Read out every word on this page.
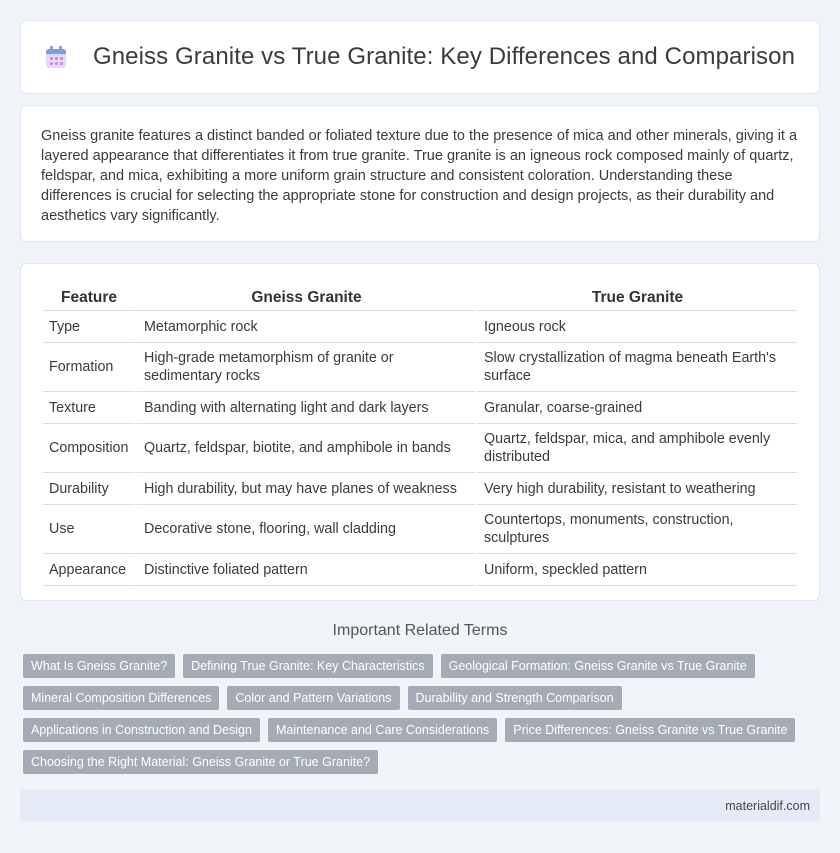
Gneiss Granite vs True Granite: Key Differences and Comparison

Gneiss granite features a distinct banded or foliated texture due to the presence of mica and other minerals, giving it a layered appearance that differentiates it from true granite. True granite is an igneous rock composed mainly of quartz, feldspar, and mica, exhibiting a more uniform grain structure and consistent coloration. Understanding these differences is crucial for selecting the appropriate stone for construction and design projects, as their durability and aesthetics vary significantly.

Feature	Gneiss Granite	True Granite
Type	Metamorphic rock	Igneous rock
Formation	High-grade metamorphism of granite or sedimentary rocks	Slow crystallization of magma beneath Earth's surface
Texture	Banding with alternating light and dark layers	Granular, coarse-grained
Composition	Quartz, feldspar, biotite, and amphibole in bands	Quartz, feldspar, mica, and amphibole evenly distributed
Durability	High durability, but may have planes of weakness	Very high durability, resistant to weathering
Use	Decorative stone, flooring, wall cladding	Countertops, monuments, construction, sculptures
Appearance	Distinctive foliated pattern	Uniform, speckled pattern
Important Related Terms
What Is Gneiss Granite?	Defining True Granite: Key Characteristics	Geological Formation: Gneiss Granite vs True Granite
Mineral Composition Differences	Color and Pattern Variations	Durability and Strength Comparison
Applications in Construction and Design	Maintenance and Care Considerations	Price Differences: Gneiss Granite vs True Granite
Choosing the Right Material: Gneiss Granite or True Granite?
materialdif.com
